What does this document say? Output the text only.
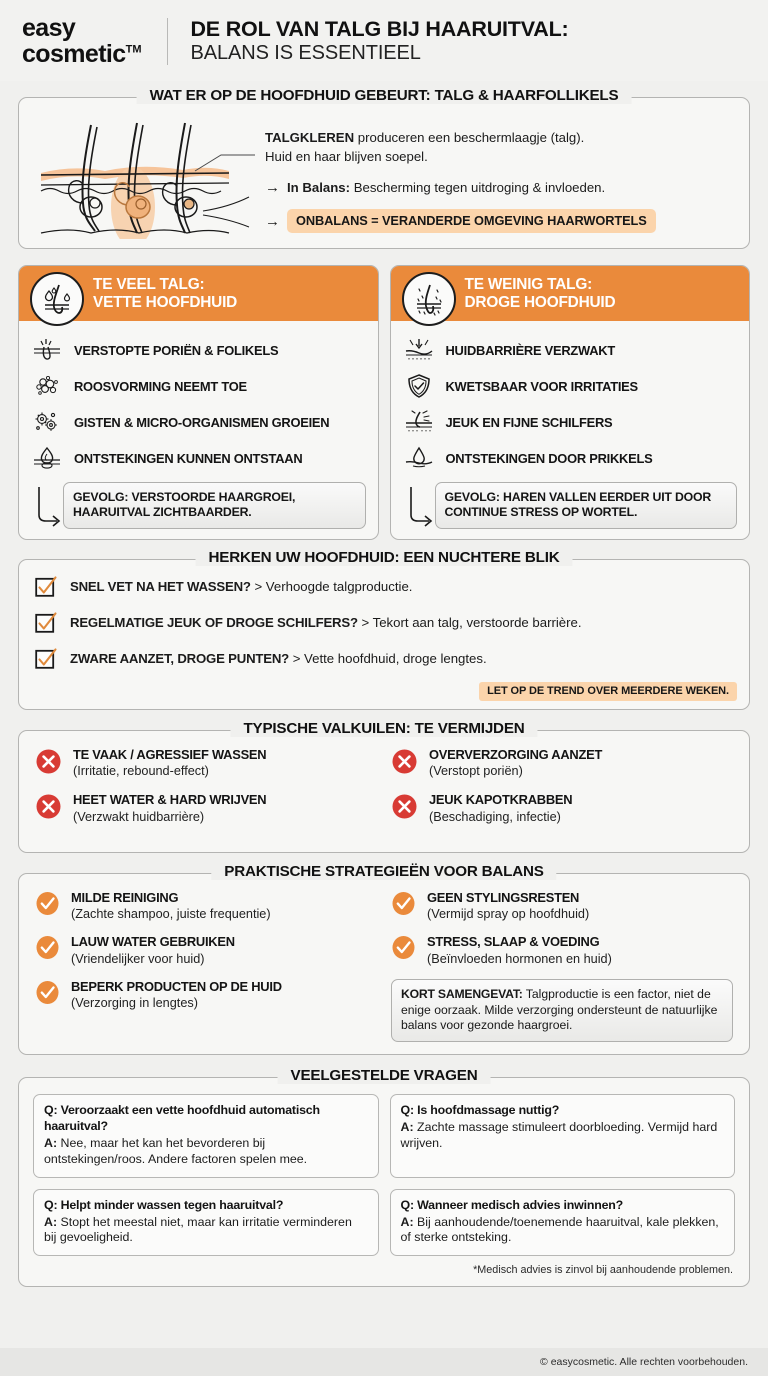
easy
cosmetic™
DE ROL VAN TALG BIJ HAARUITVAL:
BALANS IS ESSENTIEEL
WAT ER OP DE HOOFDHUID GEBEURT: TALG & HAARFOLLIKELS
TALGKLEREN produceren een beschermlaagje (talg).
Huid en haar blijven soepel.
→ In Balans: Bescherming tegen uitdroging & invloeden.
→	ONBALANS = VERANDERDE OMGEVING HAARWORTELS
TE VEEL TALG:
VETTE HOOFDHUID
VERSTOPTE PORIËN & FOLIKELS
ROOSVORMING NEEMT TOE
GISTEN & MICRO-ORGANISMEN GROEIEN
ONTSTEKINGEN KUNNEN ONTSTAAN
GEVOLG: VERSTOORDE HAARGROEI, HAARUITVAL ZICHTBAARDER.
TE WEINIG TALG:
DROGE HOOFDHUID
HUIDBARRIÈRE VERZWAKT
KWETSBAAR VOOR IRRITATIES
JEUK EN FIJNE SCHILFERS
ONTSTEKINGEN DOOR PRIKKELS
GEVOLG: HAREN VALLEN EERDER UIT DOOR CONTINUE STRESS OP WORTEL.
HERKEN UW HOOFDHUID: EEN NUCHTERE BLIK
SNEL VET NA HET WASSEN? > Verhoogde talgproductie.
REGELMATIGE JEUK OF DROGE SCHILFERS? > Tekort aan talg, verstoorde barrière.
ZWARE AANZET, DROGE PUNTEN? > Vette hoofdhuid, droge lengtes.
LET OP DE TREND OVER MEERDERE WEKEN.
TYPISCHE VALKUILEN: TE VERMIJDEN
TE VAAK / AGRESSIEF WASSEN
(Irritatie, rebound-effect)
HEET WATER & HARD WRIJVEN
(Verzwakt huidbarrière)
OVERVERZORGING AANZET
(Verstopt poriën)
JEUK KAPOTKRABBEN
(Beschadiging, infectie)
PRAKTISCHE STRATEGIEËN VOOR BALANS
MILDE REINIGING
(Zachte shampoo, juiste frequentie)
LAUW WATER GEBRUIKEN
(Vriendelijker voor huid)
BEPERK PRODUCTEN OP DE HUID
(Verzorging in lengtes)
GEEN STYLINGSRESTEN
(Vermijd spray op hoofdhuid)
STRESS, SLAAP & VOEDING
(Beïnvloeden hormonen en huid)
KORT SAMENGEVAT: Talgproductie is een factor, niet de enige oorzaak. Milde verzorging ondersteunt de natuurlijke balans voor gezonde haargroei.
VEELGESTELDE VRAGEN
Q: Veroorzaakt een vette hoofdhuid automatisch haaruitval?
A: Nee, maar het kan het bevorderen bij ontstekingen/roos. Andere factoren spelen mee.
Q: Is hoofdmassage nuttig?
A: Zachte massage stimuleert doorbloeding. Vermijd hard wrijven.
Q: Helpt minder wassen tegen haaruitval?
A: Stopt het meestal niet, maar kan irritatie verminderen bij gevoeligheid.
Q: Wanneer medisch advies inwinnen?
A: Bij aanhoudende/toenemende haaruitval, kale plekken, of sterke ontsteking.
*Medisch advies is zinvol bij aanhoudende problemen.
© easycosmetic. Alle rechten voorbehouden.
